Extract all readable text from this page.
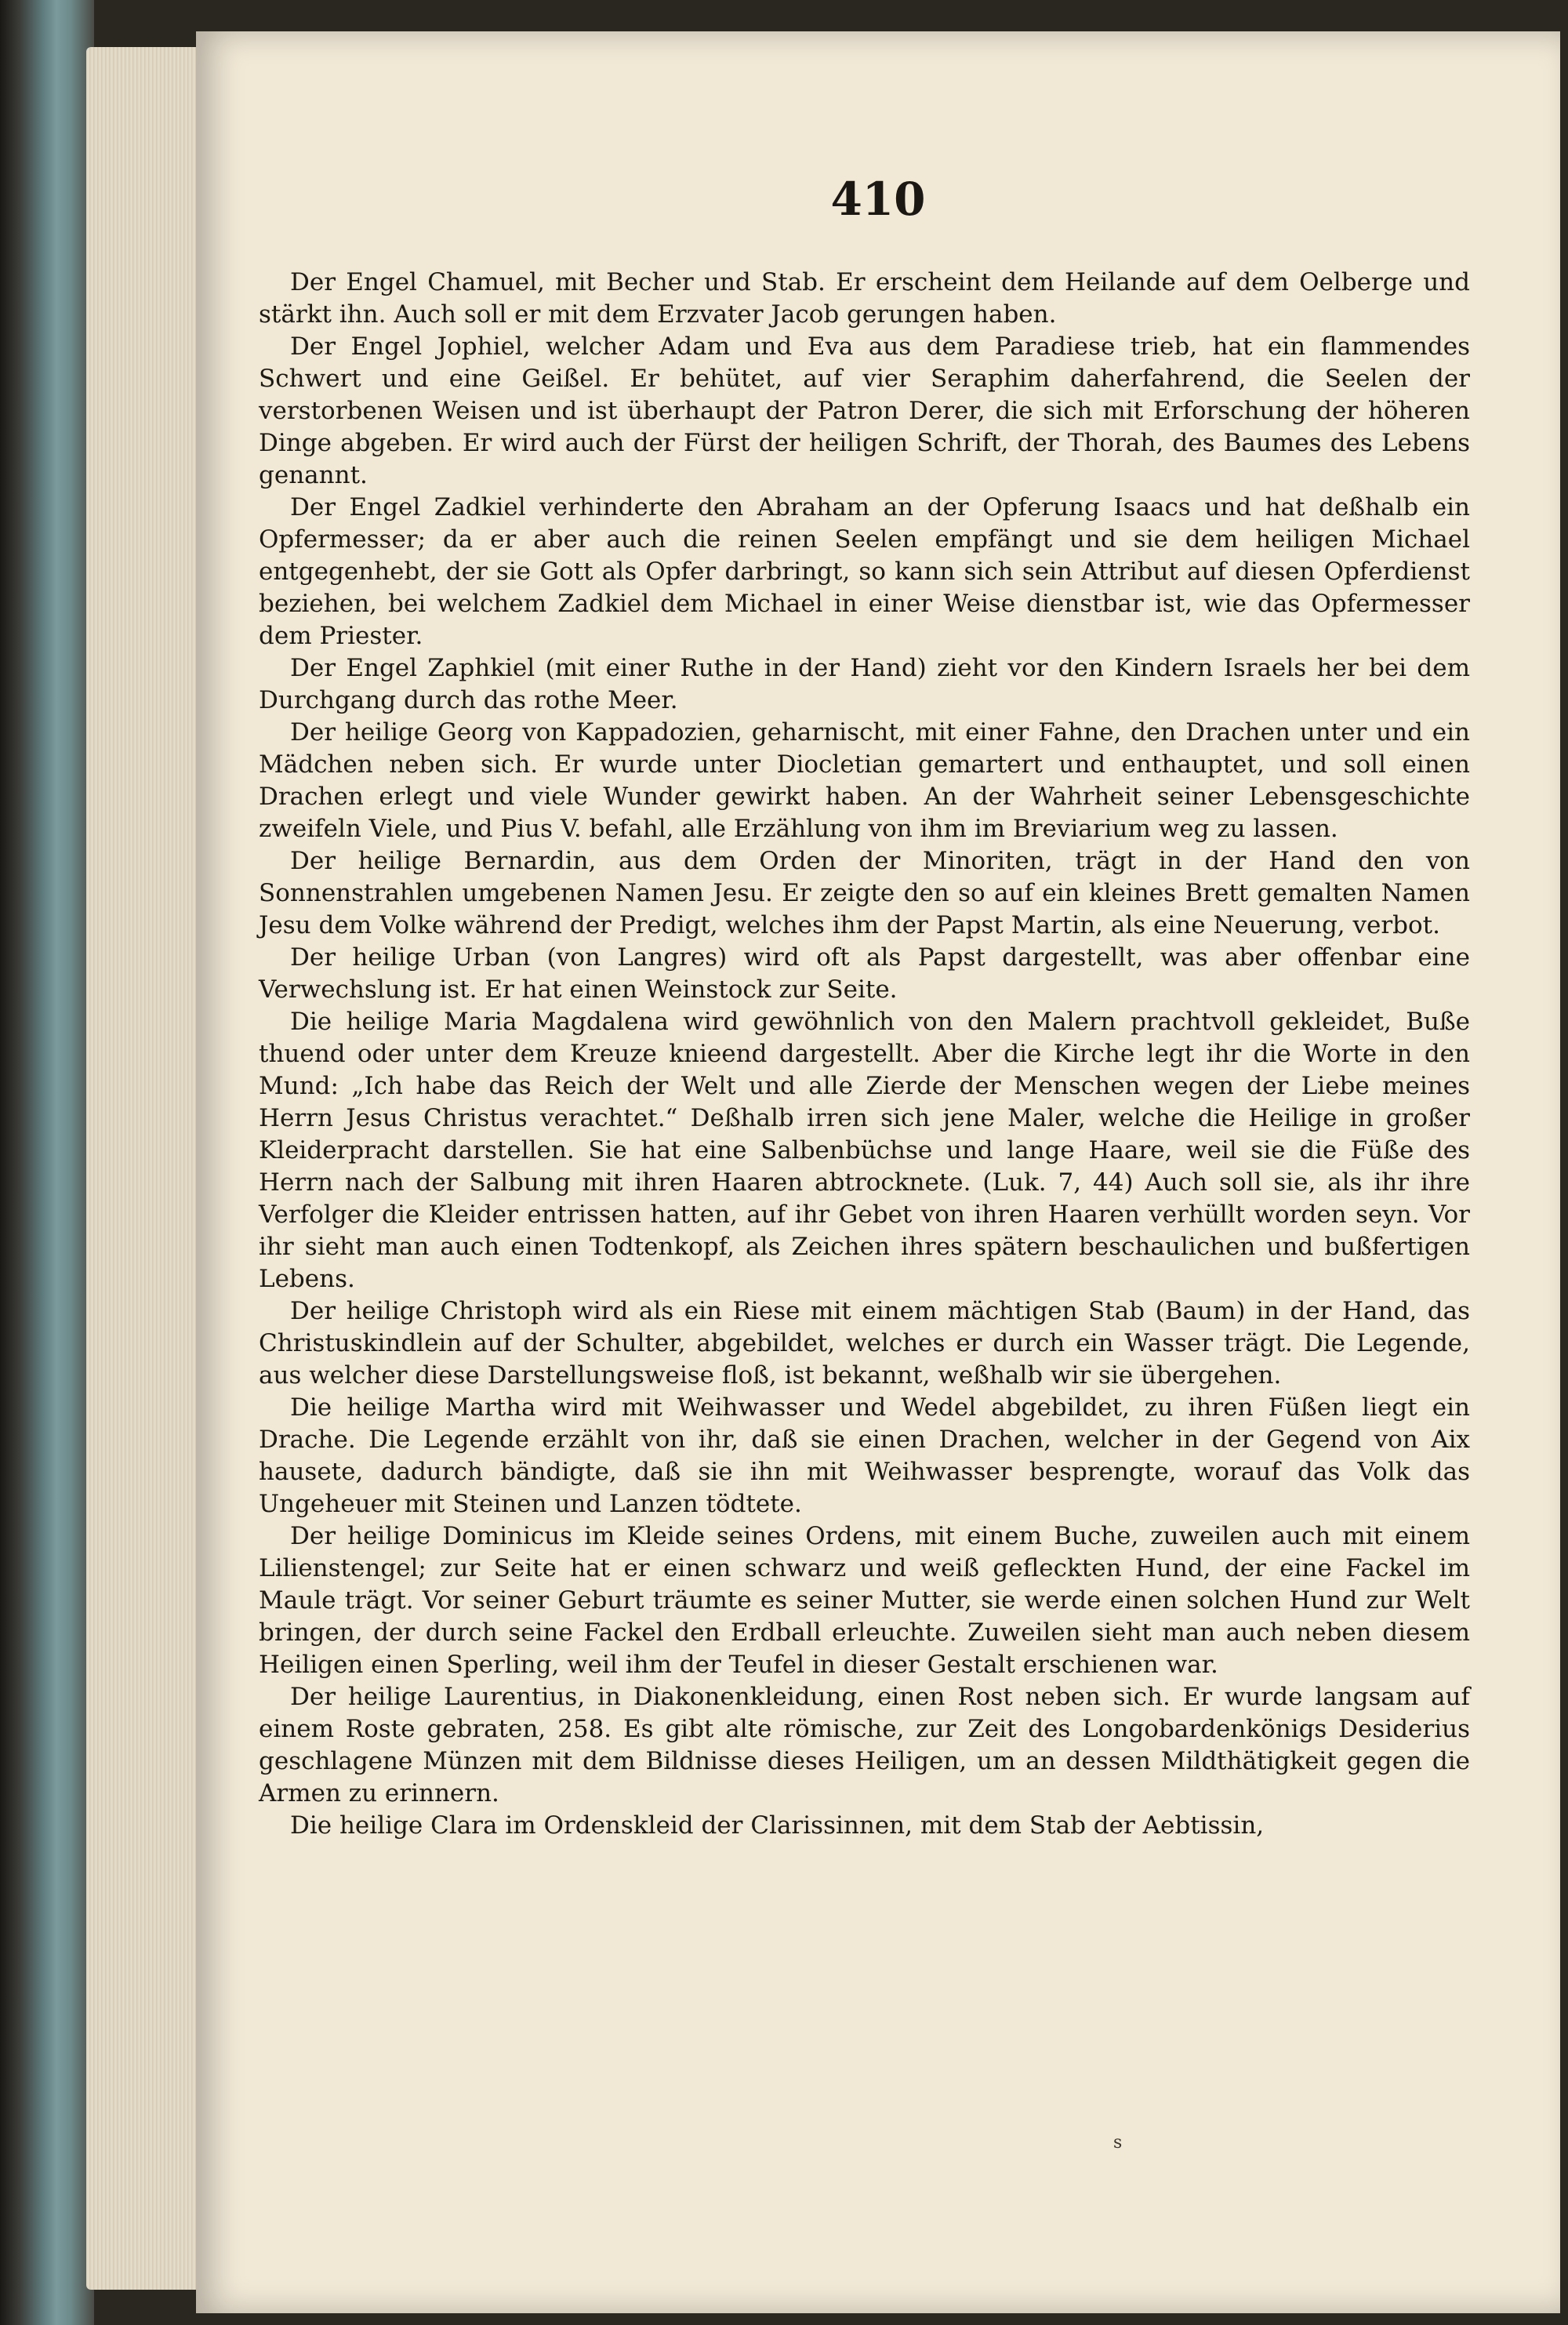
410

Der Engel Chamuel, mit Becher und Stab. Er erscheint dem Heilande auf dem Oelberge und stärkt ihn. Auch soll er mit dem Erzvater Jacob gerungen haben.

Der Engel Jophiel, welcher Adam und Eva aus dem Paradiese trieb, hat ein flammendes Schwert und eine Geißel. Er behütet, auf vier Seraphim daherfahrend, die Seelen der verstorbenen Weisen und ist überhaupt der Patron Derer, die sich mit Erforschung der höheren Dinge abgeben. Er wird auch der Fürst der heiligen Schrift, der Thorah, des Baumes des Lebens genannt.

Der Engel Zadkiel verhinderte den Abraham an der Opferung Isaacs und hat deßhalb ein Opfermesser; da er aber auch die reinen Seelen empfängt und sie dem heiligen Michael entgegenhebt, der sie Gott als Opfer darbringt, so kann sich sein Attribut auf diesen Opferdienst beziehen, bei welchem Zadkiel dem Michael in einer Weise dienstbar ist, wie das Opfermesser dem Priester.

Der Engel Zaphkiel (mit einer Ruthe in der Hand) zieht vor den Kindern Israels her bei dem Durchgang durch das rothe Meer.

Der heilige Georg von Kappadozien, geharnischt, mit einer Fahne, den Drachen unter und ein Mädchen neben sich. Er wurde unter Diocletian gemartert und enthauptet, und soll einen Drachen erlegt und viele Wunder gewirkt haben. An der Wahrheit seiner Lebensgeschichte zweifeln Viele, und Pius V. befahl, alle Erzählung von ihm im Breviarium weg zu lassen.

Der heilige Bernardin, aus dem Orden der Minoriten, trägt in der Hand den von Sonnenstrahlen umgebenen Namen Jesu. Er zeigte den so auf ein kleines Brett gemalten Namen Jesu dem Volke während der Predigt, welches ihm der Papst Martin, als eine Neuerung, verbot.

Der heilige Urban (von Langres) wird oft als Papst dargestellt, was aber offenbar eine Verwechslung ist. Er hat einen Weinstock zur Seite.

Die heilige Maria Magdalena wird gewöhnlich von den Malern prachtvoll gekleidet, Buße thuend oder unter dem Kreuze knieend dargestellt. Aber die Kirche legt ihr die Worte in den Mund: „Ich habe das Reich der Welt und alle Zierde der Menschen wegen der Liebe meines Herrn Jesus Christus verachtet.“ Deßhalb irren sich jene Maler, welche die Heilige in großer Kleiderpracht darstellen. Sie hat eine Salbenbüchse und lange Haare, weil sie die Füße des Herrn nach der Salbung mit ihren Haaren abtrocknete. (Luk. 7, 44) Auch soll sie, als ihr ihre Verfolger die Kleider entrissen hatten, auf ihr Gebet von ihren Haaren verhüllt worden seyn. Vor ihr sieht man auch einen Todtenkopf, als Zeichen ihres spätern beschaulichen und bußfertigen Lebens.

Der heilige Christoph wird als ein Riese mit einem mächtigen Stab (Baum) in der Hand, das Christuskindlein auf der Schulter, abgebildet, welches er durch ein Wasser trägt. Die Legende, aus welcher diese Darstellungsweise floß, ist bekannt, weßhalb wir sie übergehen.

Die heilige Martha wird mit Weihwasser und Wedel abgebildet, zu ihren Füßen liegt ein Drache. Die Legende erzählt von ihr, daß sie einen Drachen, welcher in der Gegend von Aix hausete, dadurch bändigte, daß sie ihn mit Weihwasser besprengte, worauf das Volk das Ungeheuer mit Steinen und Lanzen tödtete.

Der heilige Dominicus im Kleide seines Ordens, mit einem Buche, zuweilen auch mit einem Lilienstengel; zur Seite hat er einen schwarz und weiß gefleckten Hund, der eine Fackel im Maule trägt. Vor seiner Geburt träumte es seiner Mutter, sie werde einen solchen Hund zur Welt bringen, der durch seine Fackel den Erdball erleuchte. Zuweilen sieht man auch neben diesem Heiligen einen Sperling, weil ihm der Teufel in dieser Gestalt erschienen war.

Der heilige Laurentius, in Diakonenkleidung, einen Rost neben sich. Er wurde langsam auf einem Roste gebraten, 258. Es gibt alte römische, zur Zeit des Longobardenkönigs Desiderius geschlagene Münzen mit dem Bildnisse dieses Heiligen, um an dessen Mildthätigkeit gegen die Armen zu erinnern.

Die heilige Clara im Ordenskleid der Clarissinnen, mit dem Stab der Aebtissin,

s
